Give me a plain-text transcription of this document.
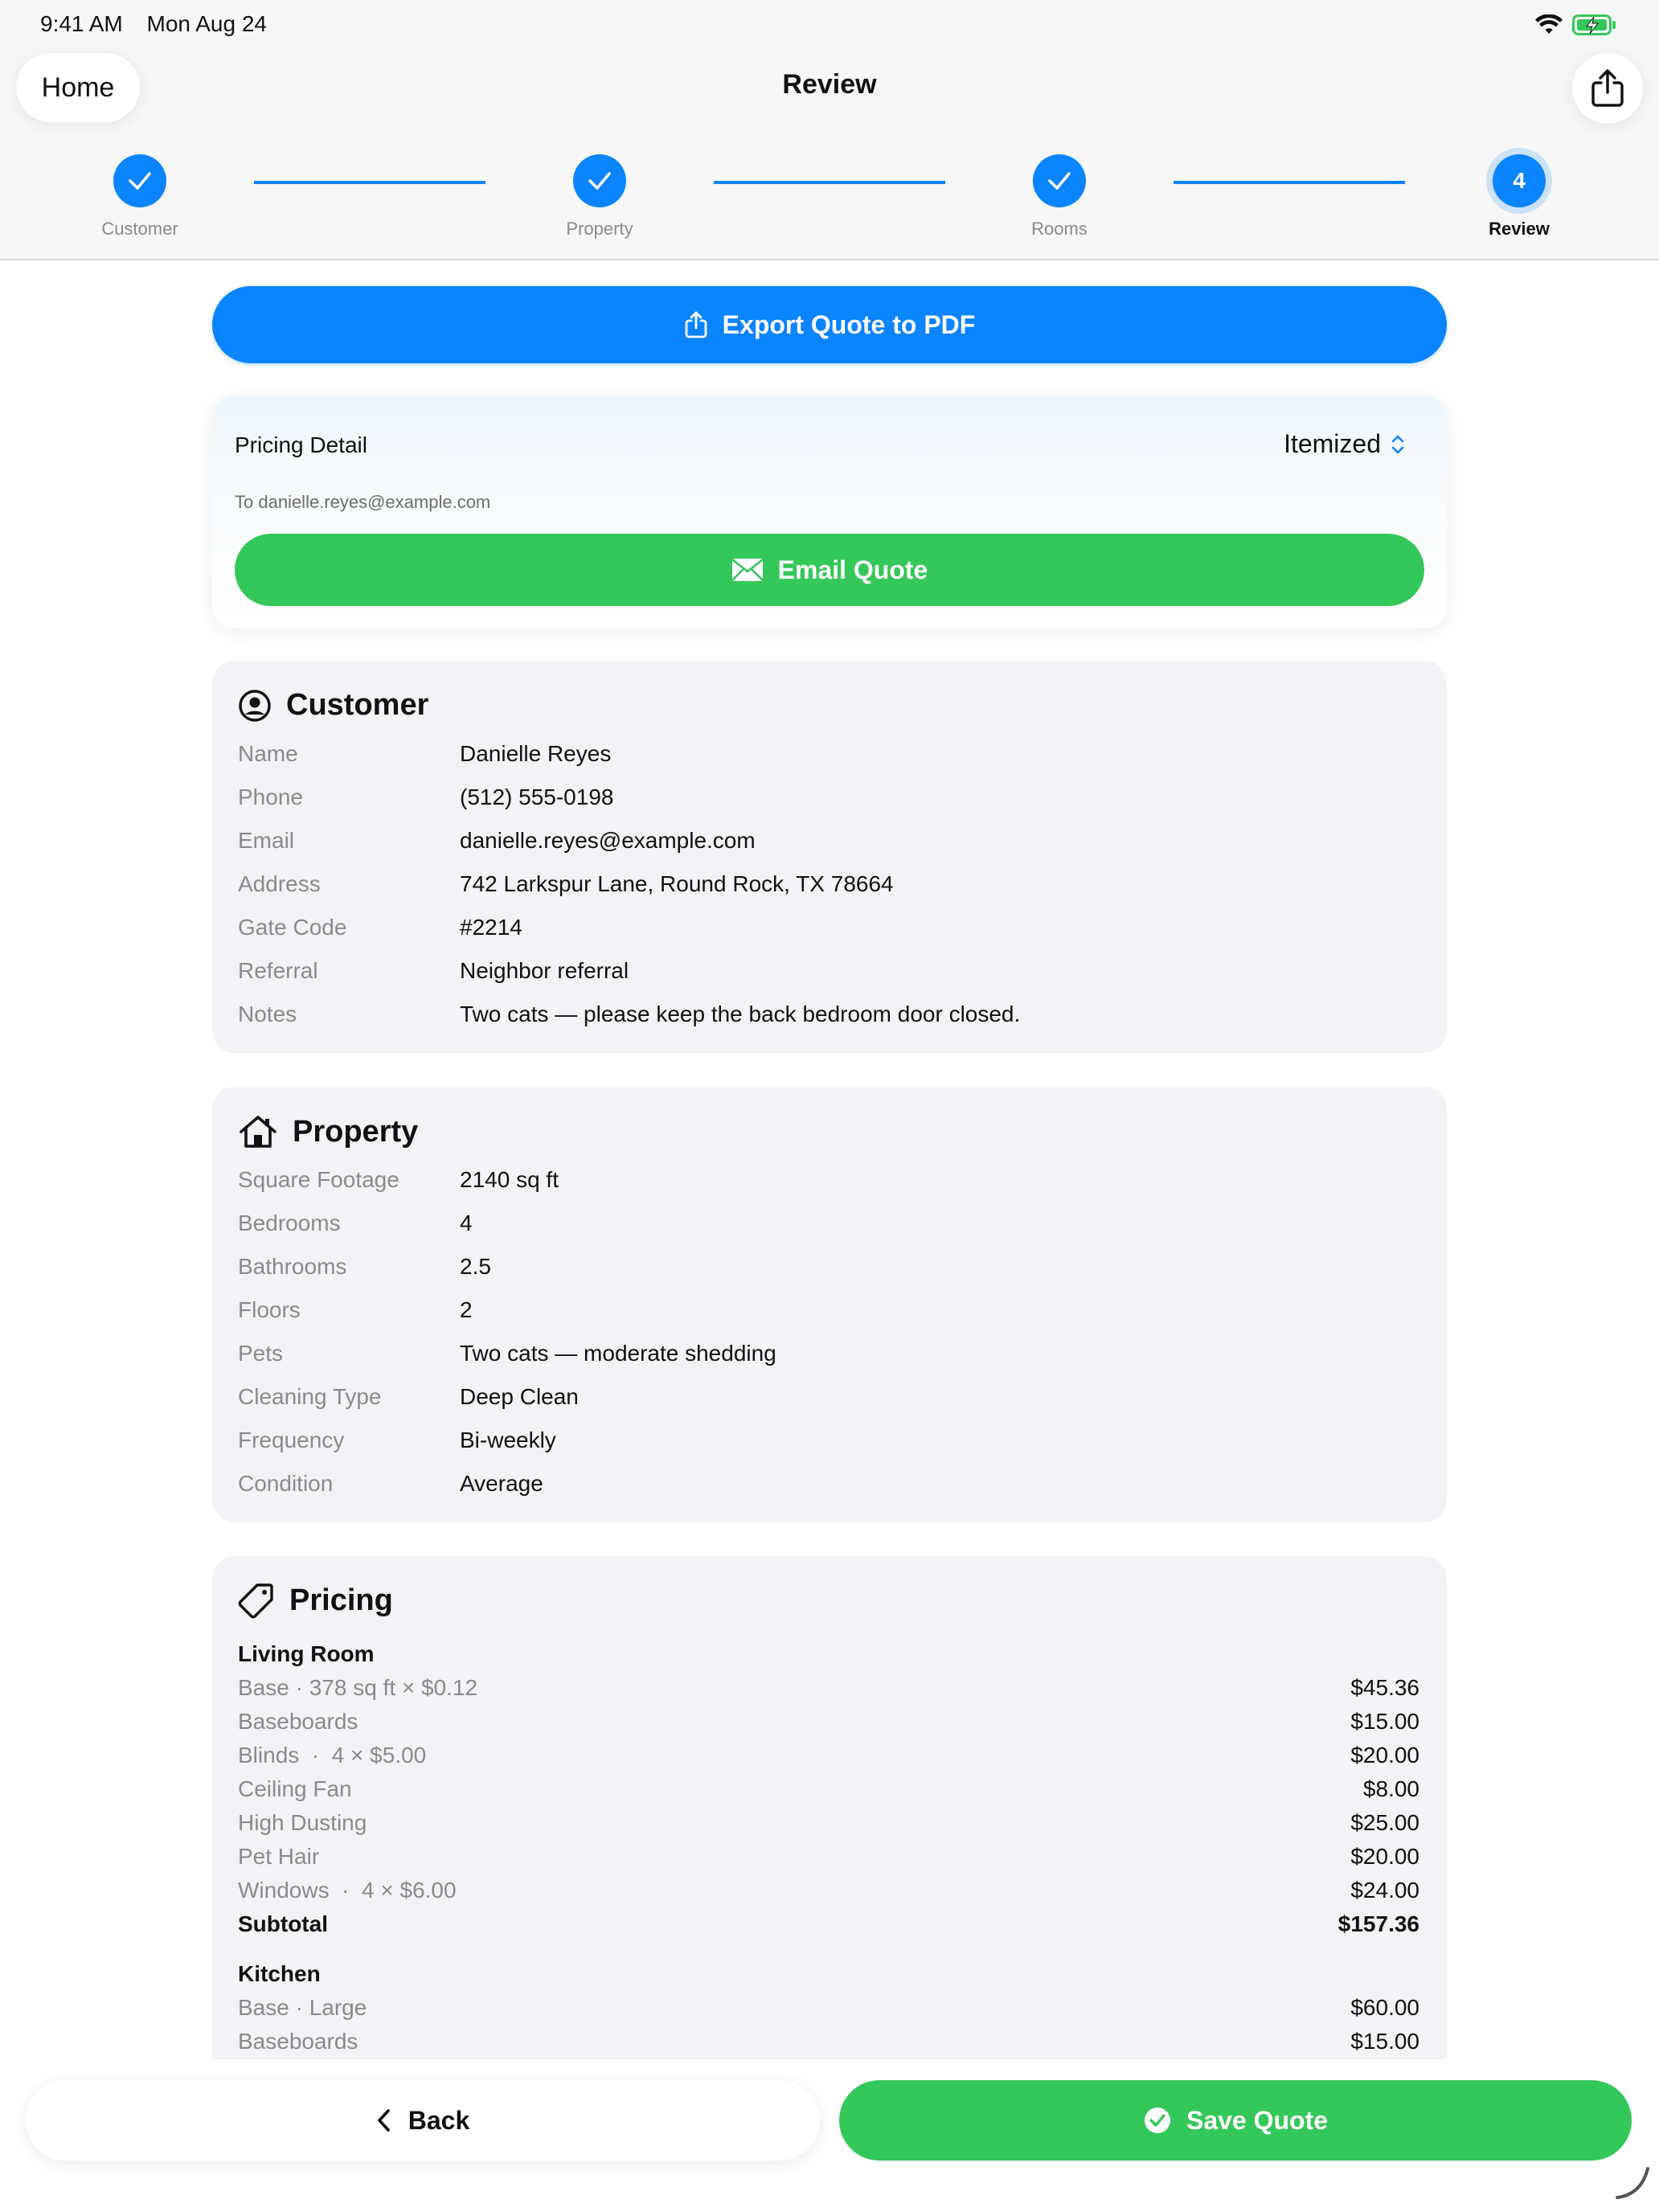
9:41 AM Mon Aug 24
Home	Review
Customer	Property	Rooms
4
Review
Export Quote to PDF
Pricing Detail	Itemized
To danielle.reyes@example.com
Email Quote
Customer
Name	Danielle Reyes
Phone	(512) 555-0198
Email	danielle.reyes@example.com
Address	742 Larkspur Lane, Round Rock, TX 78664
Gate Code	#2214
Referral	Neighbor referral
Notes	Two cats — please keep the back bedroom door closed.
Property
Square Footage	2140 sq ft
Bedrooms	4
Bathrooms	2.5
Floors	2
Pets	Two cats — moderate shedding
Cleaning Type	Deep Clean
Frequency	Bi-weekly
Condition	Average
Pricing
Living Room
Base · 378 sq ft × $0.12	$45.36
Baseboards	$15.00
Blinds  ·  4 × $5.00	$20.00
Ceiling Fan	$8.00
High Dusting	$25.00
Pet Hair	$20.00
Windows  ·  4 × $6.00	$24.00
Subtotal	$157.36
Kitchen
Base · Large	$60.00
Baseboards	$15.00
Back	Save Quote
